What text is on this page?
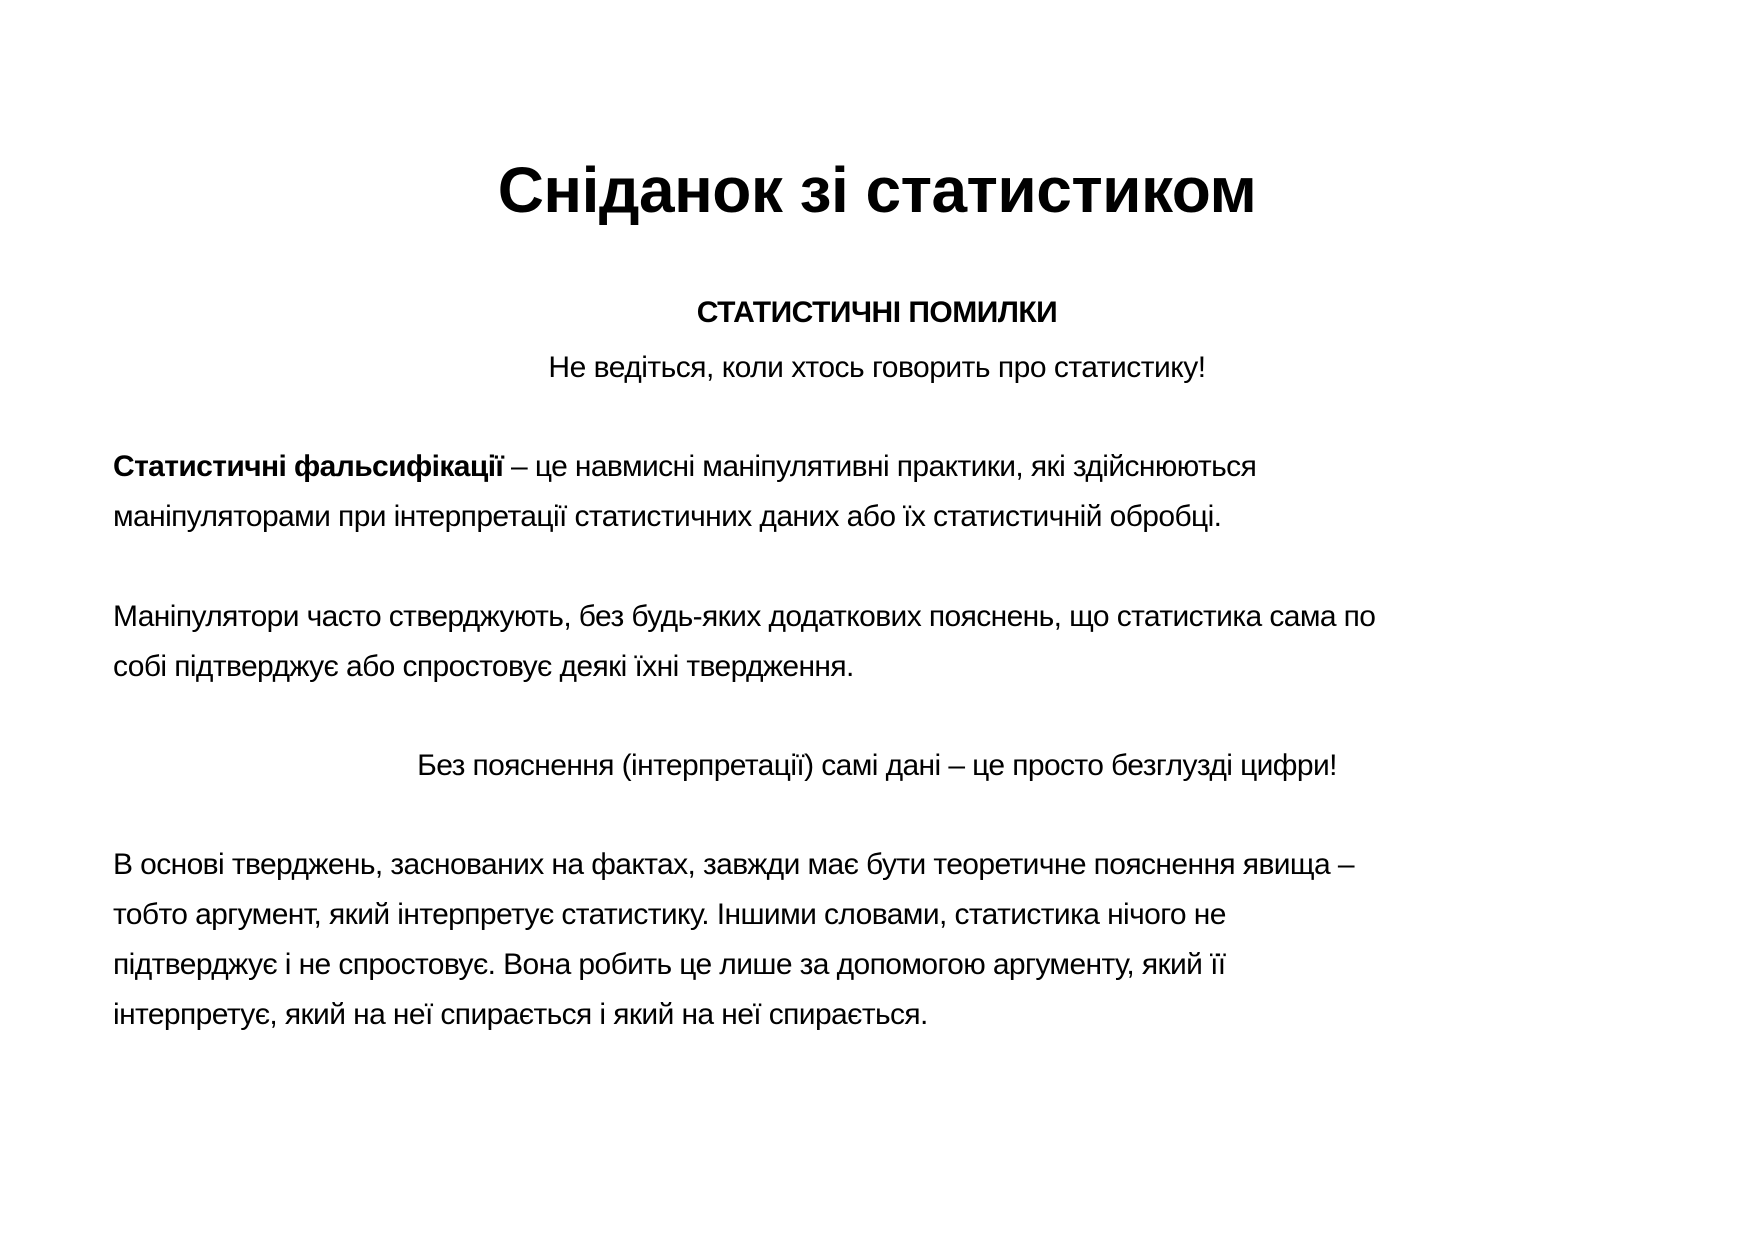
Сніданок зі статистиком
СТАТИСТИЧНІ ПОМИЛКИ
Не ведіться, коли хтось говорить про статистику!

Статистичні фальсифікації – це навмисні маніпулятивні практики, які здійснюються
маніпуляторами при інтерпретації статистичних даних або їх статистичній обробці.

Маніпулятори часто стверджують, без будь-яких додаткових пояснень, що статистика сама по
собі підтверджує або спростовує деякі їхні твердження.

Без пояснення (інтерпретації) самі дані – це просто безглузді цифри!

В основі тверджень, заснованих на фактах, завжди має бути теоретичне пояснення явища –
тобто аргумент, який інтерпретує статистику. Іншими словами, статистика нічого не
підтверджує і не спростовує. Вона робить це лише за допомогою аргументу, який її
інтерпретує, який на неї спирається і який на неї спирається.
